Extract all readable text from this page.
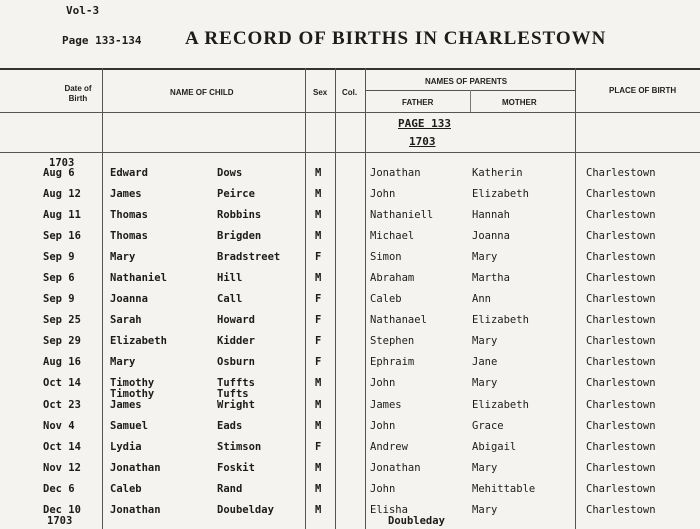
Vol-3
Page 133-134 A RECORD OF BIRTHS IN CHARLESTOWN
Date of Birth
NAME OF CHILD	Sex Col.
NAMES OF PARENTS
FATHER	MOTHER
PLACE OF BIRTH
PAGE 133
1703
1703
Aug 6	Edward	Dows	M	Jonathan	Katherin	Charlestown
Aug 12	James	Peirce	M	John	Elizabeth	Charlestown
Aug 11	Thomas	Robbins	M	Nathaniell	Hannah	Charlestown
Sep 16	Thomas	Brigden	M	Michael	Joanna	Charlestown
Sep 9	Mary	Bradstreet	F	Simon	Mary	Charlestown
Sep 6	Nathaniel	Hill	M	Abraham	Martha	Charlestown
Sep 9	Joanna	Call	F	Caleb	Ann	Charlestown
Sep 25	Sarah	Howard	F	Nathanael	Elizabeth	Charlestown
Sep 29	Elizabeth	Kidder	F	Stephen	Mary	Charlestown
Aug 16	Mary	Osburn	F	Ephraim	Jane	Charlestown
Oct 14	Timothy	Tuffts	M	John	Mary	Charlestown
Oct 23	James	Wright	M	James	Elizabeth	Charlestown
Nov 4	Samuel	Eads	M	John	Grace	Charlestown
Oct 14	Lydia	Stimson	F	Andrew	Abigail	Charlestown
Nov 12	Jonathan	Foskit	M	Jonathan	Mary	Charlestown
Dec 6	Caleb	Rand	M	John	Mehittable	Charlestown
Dec 10	Jonathan	Doubelday	M	Elisha	Mary	Charlestown
Timothy	Tufts
Doubleday
1703
